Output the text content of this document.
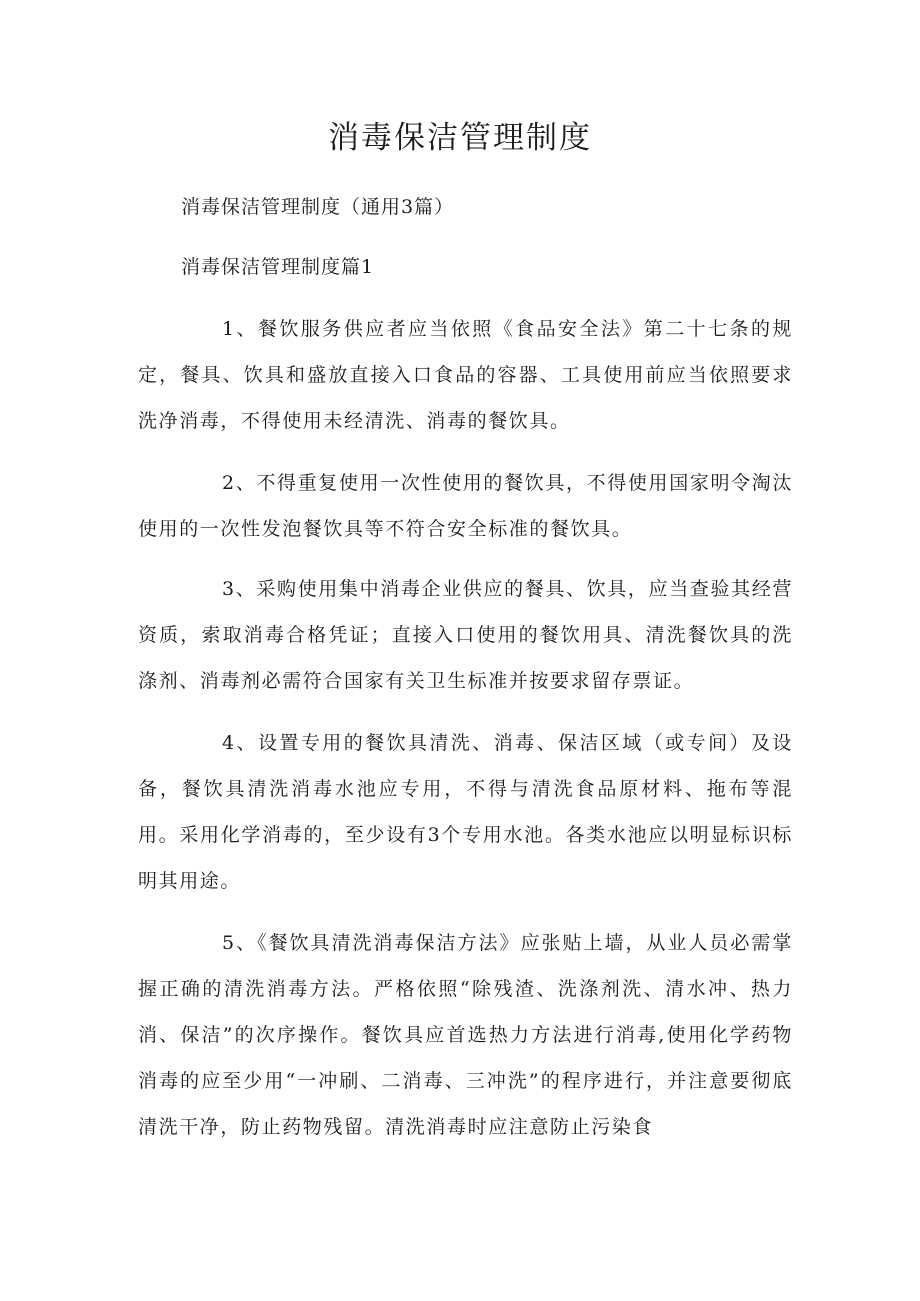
消毒保洁管理制度

消毒保洁管理制度（通用3篇）

消毒保洁管理制度篇1

1、餐饮服务供应者应当依照《食品安全法》第二十七条的规定，餐具、饮具和盛放直接入口食品的容器、工具使用前应当依照要求洗净消毒，不得使用未经清洗、消毒的餐饮具。

2、不得重复使用一次性使用的餐饮具，不得使用国家明令淘汰使用的一次性发泡餐饮具等不符合安全标准的餐饮具。

3、采购使用集中消毒企业供应的餐具、饮具，应当查验其经营资质，索取消毒合格凭证；直接入口使用的餐饮用具、清洗餐饮具的洗涤剂、消毒剂必需符合国家有关卫生标准并按要求留存票证。

4、设置专用的餐饮具清洗、消毒、保洁区域（或专间）及设备，餐饮具清洗消毒水池应专用，不得与清洗食品原材料、拖布等混用。采用化学消毒的，至少设有3个专用水池。各类水池应以明显标识标明其用途。

5、《餐饮具清洗消毒保洁方法》应张贴上墙，从业人员必需掌握正确的清洗消毒方法。严格依照“除残渣、洗涤剂洗、清水冲、热力消、保洁”的次序操作。餐饮具应首选热力方法进行消毒,使用化学药物消毒的应至少用“一冲刷、二消毒、三冲洗”的程序进行，并注意要彻底清洗干净，防止药物残留。清洗消毒时应注意防止污染食
